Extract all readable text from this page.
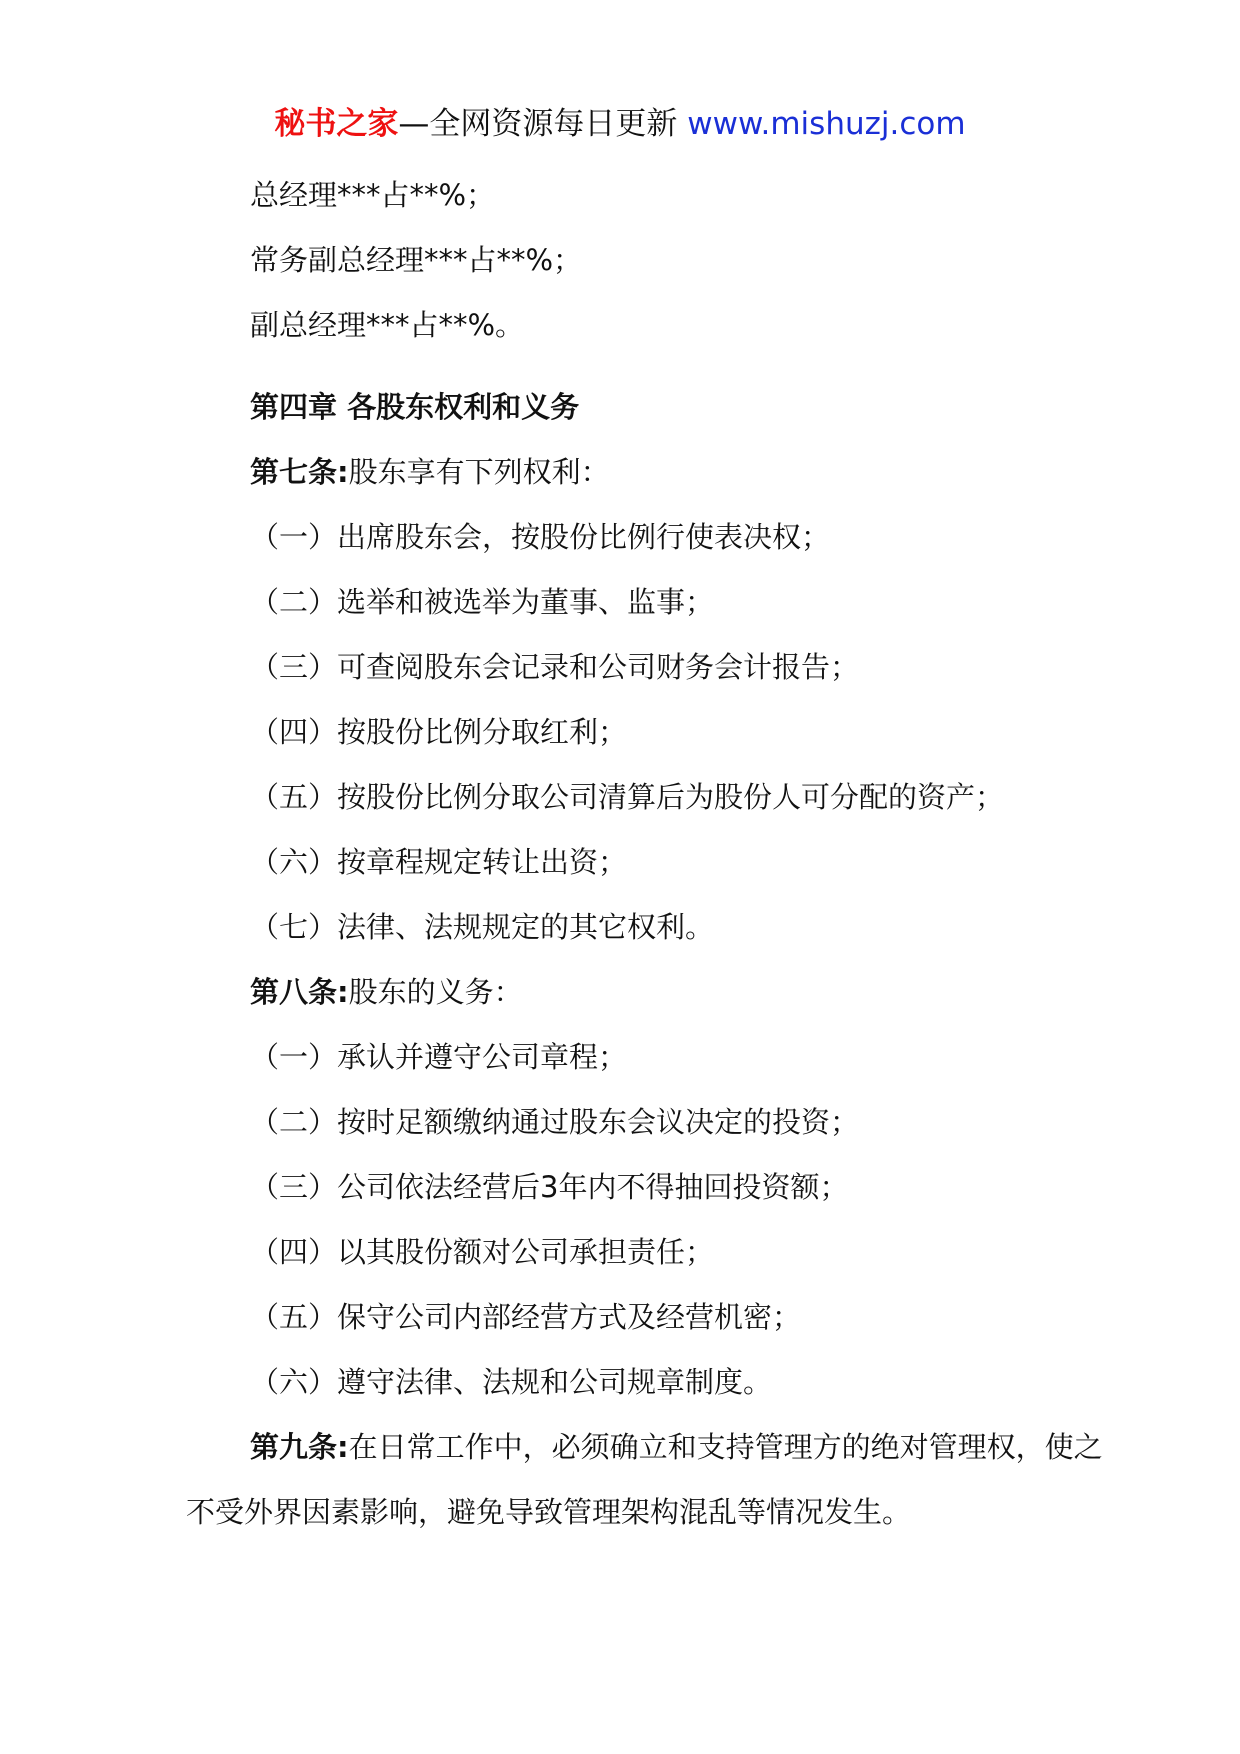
秘书之家—全网资源每日更新 www.mishuzj.com

总经理***占**%；

常务副总经理***占**%；

副总经理***占**%。

第四章 各股东权利和义务

第七条:股东享有下列权利：

（一）出席股东会，按股份比例行使表决权；

（二）选举和被选举为董事、监事；

（三）可查阅股东会记录和公司财务会计报告；

（四）按股份比例分取红利；

（五）按股份比例分取公司清算后为股份人可分配的资产；

（六）按章程规定转让出资；

（七）法律、法规规定的其它权利。

第八条:股东的义务：

（一）承认并遵守公司章程；

（二）按时足额缴纳通过股东会议决定的投资；

（三）公司依法经营后3年内不得抽回投资额；

（四）以其股份额对公司承担责任；

（五）保守公司内部经营方式及经营机密；

（六）遵守法律、法规和公司规章制度。

第九条:在日常工作中，必须确立和支持管理方的绝对管理权，使之不受外界因素影响，避免导致管理架构混乱等情况发生。
